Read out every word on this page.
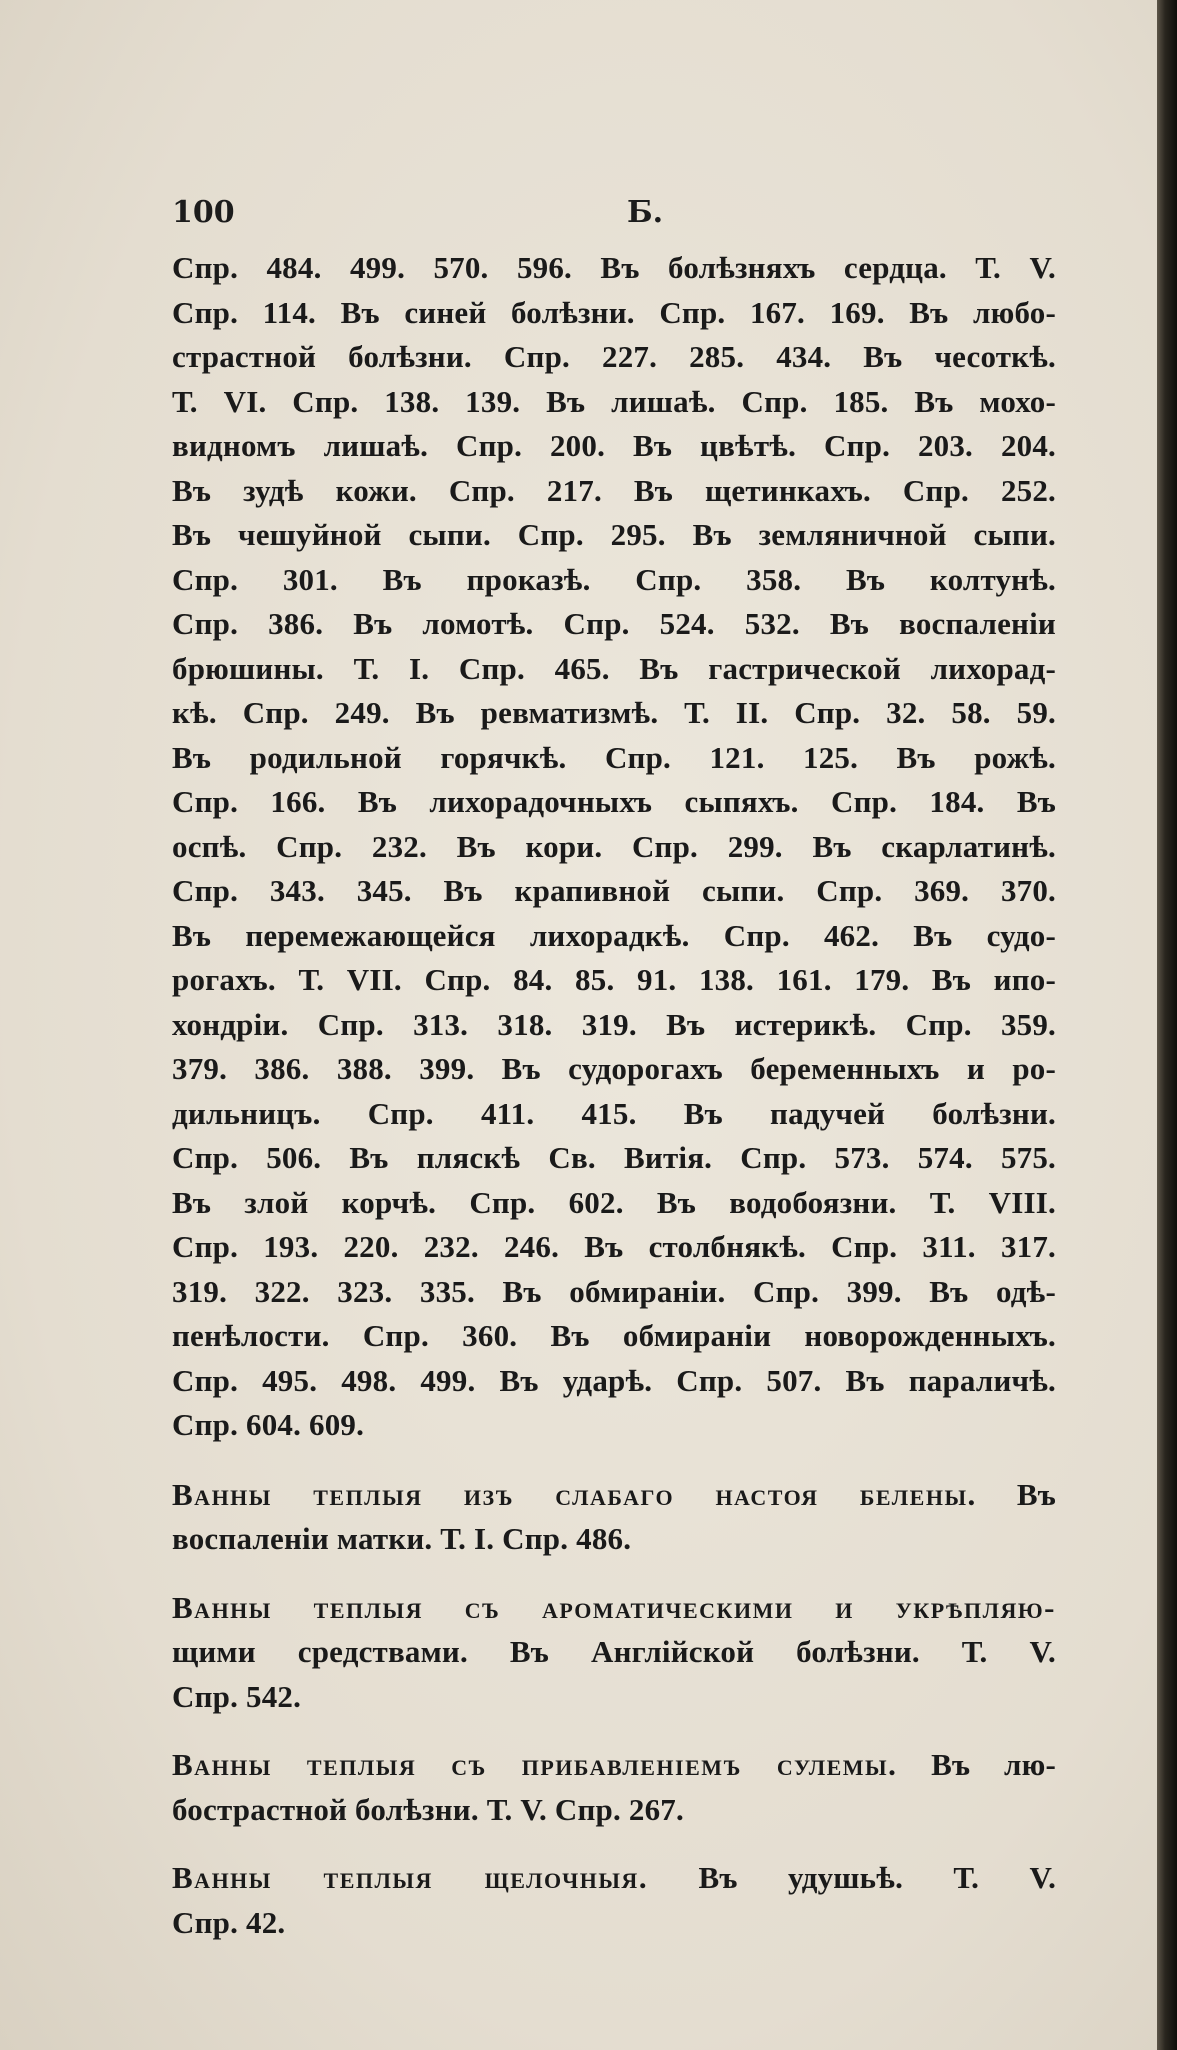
100	Б.
Спр. 484. 499. 570. 596. Въ болѣзняхъ сердца. Т. V.
Спр. 114. Въ синей болѣзни. Спр. 167. 169. Въ любо-
страстной болѣзни. Спр. 227. 285. 434. Въ чесоткѣ.
Т. VI. Спр. 138. 139. Въ лишаѣ. Спр. 185. Въ мохо-
видномъ лишаѣ. Спр. 200. Въ цвѣтѣ. Спр. 203. 204.
Въ зудѣ кожи. Спр. 217. Въ щетинкахъ. Спр. 252.
Въ чешуйной сыпи. Спр. 295. Въ земляничной сыпи.
Спр. 301. Въ проказѣ. Спр. 358. Въ колтунѣ.
Спр. 386. Въ ломотѣ. Спр. 524. 532. Въ воспаленіи
брюшины. Т. I. Спр. 465. Въ гастрической лихорад-
кѣ. Спр. 249. Въ ревматизмѣ. Т. II. Спр. 32. 58. 59.
Въ родильной горячкѣ. Спр. 121. 125. Въ рожѣ.
Спр. 166. Въ лихорадочныхъ сыпяхъ. Спр. 184. Въ
оспѣ. Спр. 232. Въ кори. Спр. 299. Въ скарлатинѣ.
Спр. 343. 345. Въ крапивной сыпи. Спр. 369. 370.
Въ перемежающейся лихорадкѣ. Спр. 462. Въ судо-
рогахъ. Т. VII. Спр. 84. 85. 91. 138. 161. 179. Въ ипо-
хондріи. Спр. 313. 318. 319. Въ истерикѣ. Спр. 359.
379. 386. 388. 399. Въ судорогахъ беременныхъ и ро-
дильницъ. Спр. 411. 415. Въ падучей болѣзни.
Спр. 506. Въ пляскѣ Св. Витія. Спр. 573. 574. 575.
Въ злой корчѣ. Спр. 602. Въ водобоязни. Т. VIII.
Спр. 193. 220. 232. 246. Въ столбнякѣ. Спр. 311. 317.
319. 322. 323. 335. Въ обмираніи. Спр. 399. Въ одѣ-
пенѣлости. Спр. 360. Въ обмираніи новорожденныхъ.
Спр. 495. 498. 499. Въ ударѣ. Спр. 507. Въ параличѣ.
Спр. 604. 609.
Ванны теплыя изъ слабаго настоя белены. Въ
воспаленіи матки. Т. I. Спр. 486.
Ванны теплыя съ ароматическими и укрѣпляю-
щими средствами. Въ Англійской болѣзни. Т. V.
Спр. 542.
Ванны теплыя съ прибавленіемъ сулемы. Въ лю-
бострастной болѣзни. Т. V. Спр. 267.
Ванны теплыя щелочныя. Въ удушьѣ. Т. V.
Спр. 42.
